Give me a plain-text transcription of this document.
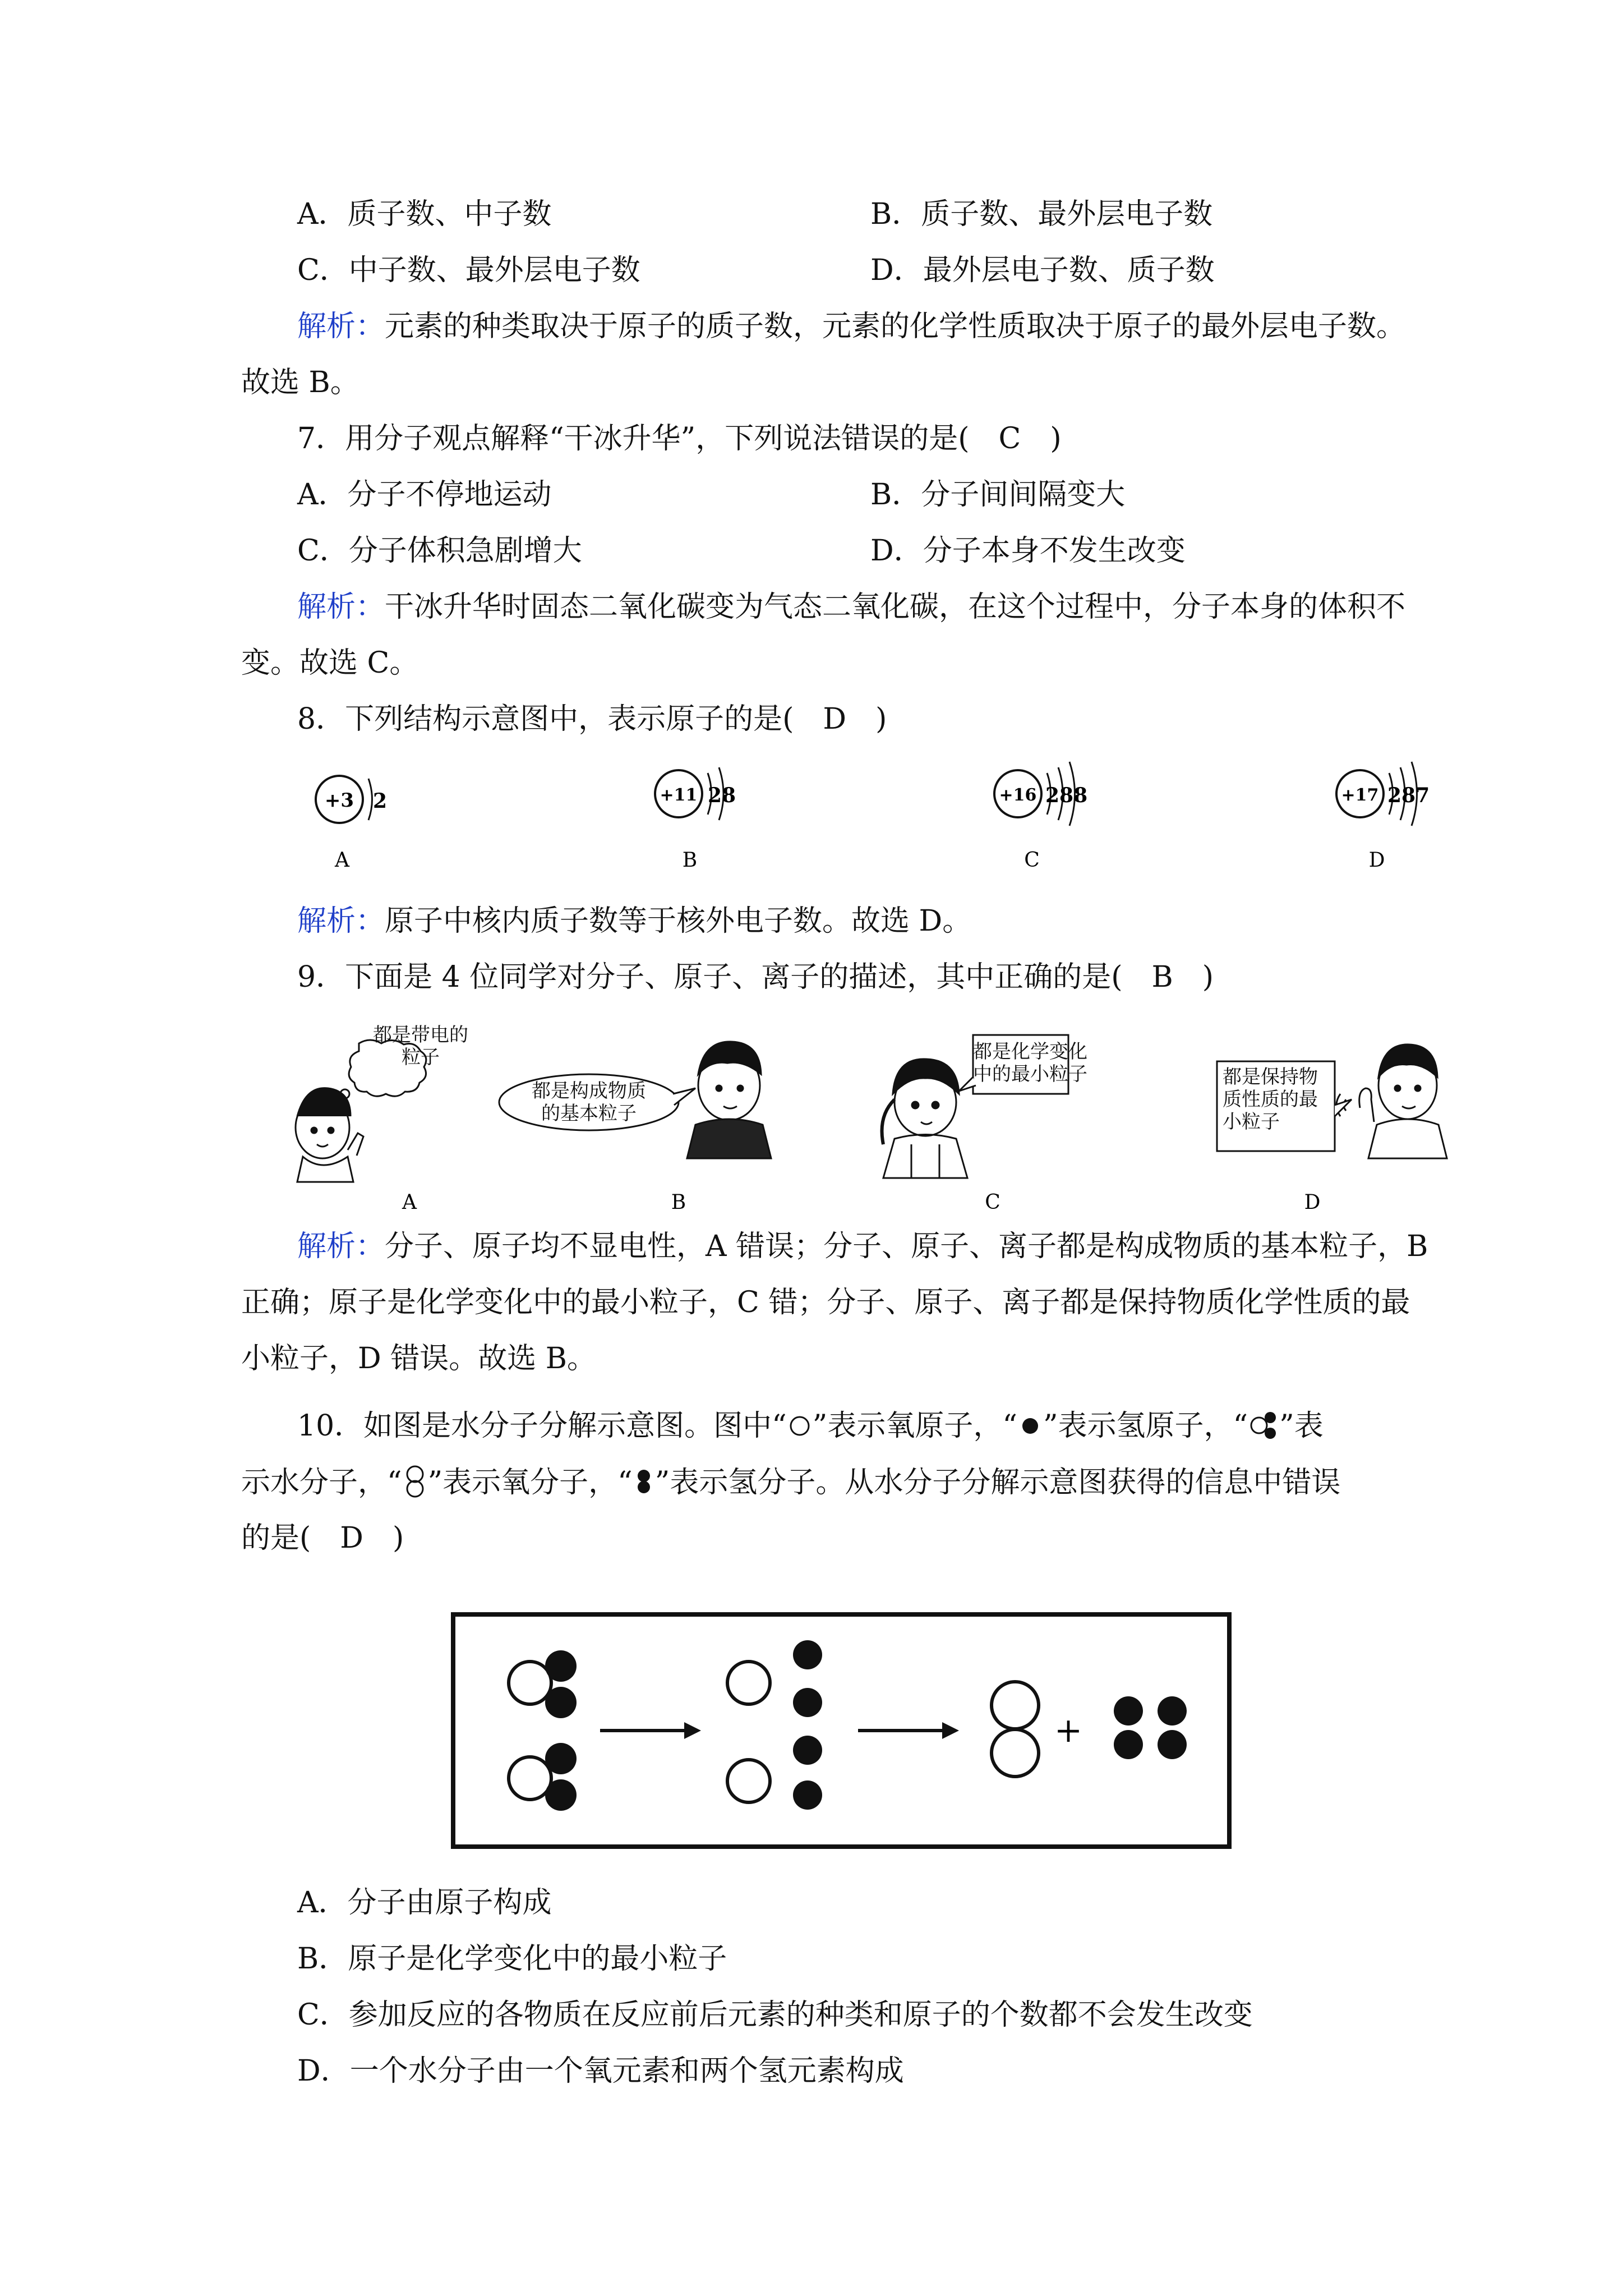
A．质子数、中子数	B．质子数、最外层电子数
C．中子数、最外层电子数	D．最外层电子数、质子数
解析：元素的种类取决于原子的质子数，元素的化学性质取决于原子的最外层电子数。
故选 B。
7．用分子观点解释“干冰升华”，下列说法错误的是(　C　)
A．分子不停地运动	B．分子间间隔变大
C．分子体积急剧增大	D．分子本身不发生改变
解析：干冰升华时固态二氧化碳变为气态二氧化碳，在这个过程中，分子本身的体积不
变。故选 C。
8．下列结构示意图中，表示原子的是(　D　)
+3 2
A
+11 28
B
+16 288
C
+17 287
D
解析：原子中核内质子数等于核外电子数。故选 D。
9．下面是 4 位同学对分子、原子、离子的描述，其中正确的是(　B　)
A	B	C	D
都是带电的
粒子
都是构成物质
的基本粒子
都是化学变化
中的最小粒子	都是保持物
质性质的最
小粒子
解析：分子、原子均不显电性，A 错误；分子、原子、离子都是构成物质的基本粒子，B
正确；原子是化学变化中的最小粒子，C 错；分子、原子、离子都是保持物质化学性质的最
小粒子，D 错误。故选 B。
10．如图是水分子分解示意图。图中“ ”表示氧原子，“ ”表示氢原子，“ ”表
示水分子，“ ”表示氧分子，“ ”表示氢分子。从水分子分解示意图获得的信息中错误
的是(　D　)
+
A．分子由原子构成
B．原子是化学变化中的最小粒子
C．参加反应的各物质在反应前后元素的种类和原子的个数都不会发生改变
D．一个水分子由一个氧元素和两个氢元素构成
